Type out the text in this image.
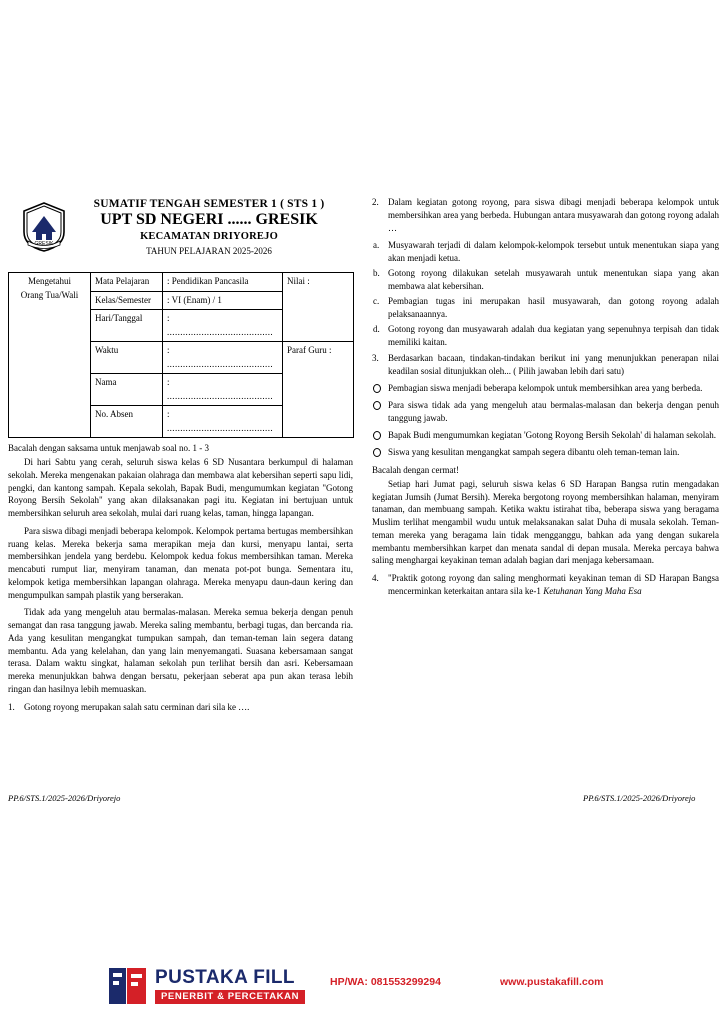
GRESIK
SUMATIF TENGAH SEMESTER 1 ( STS 1 )
UPT SD NEGERI ...... GRESIK
KECAMATAN DRIYOREJO
TAHUN PELAJARAN 2025-2026
Mengetahui
Orang Tua/Wali	Mata Pelajaran	: Pendidikan Pancasila	Nilai :
	Kelas/Semester	: VI (Enam) / 1	
	Hari/Tanggal	: ........................................	
	Waktu	: ........................................	Paraf Guru :
	Nama	: ........................................	
	No. Absen	: ........................................	
Bacalah dengan saksama untuk menjawab soal no. 1 - 3

Di hari Sabtu yang cerah, seluruh siswa kelas 6 SD Nusantara berkumpul di halaman sekolah. Mereka mengenakan pakaian olahraga dan membawa alat kebersihan seperti sapu lidi, pengki, dan kantong sampah. Kepala sekolah, Bapak Budi, mengumumkan kegiatan "Gotong Royong Bersih Sekolah" yang akan dilaksanakan pagi itu. Kegiatan ini bertujuan untuk membersihkan seluruh area sekolah, mulai dari ruang kelas, taman, hingga lapangan.

Para siswa dibagi menjadi beberapa kelompok. Kelompok pertama bertugas membersihkan ruang kelas. Mereka bekerja sama merapikan meja dan kursi, menyapu lantai, serta membersihkan jendela yang berdebu. Kelompok kedua fokus membersihkan taman. Mereka mencabuti rumput liar, menyiram tanaman, dan menata pot-pot bunga. Sementara itu, kelompok ketiga membersihkan lapangan olahraga. Mereka menyapu daun-daun kering dan mengumpulkan sampah plastik yang berserakan.

Tidak ada yang mengeluh atau bermalas-malasan. Mereka semua bekerja dengan penuh semangat dan rasa tanggung jawab. Mereka saling membantu, berbagi tugas, dan bercanda ria. Ada yang kesulitan mengangkat tumpukan sampah, dan teman-teman lain segera datang membantu. Ada yang kelelahan, dan yang lain menyemangati. Suasana kebersamaan sangat terasa. Dalam waktu singkat, halaman sekolah pun terlihat bersih dan asri. Kebersamaan mereka menunjukkan bahwa dengan bersatu, pekerjaan seberat apa pun akan terasa lebih ringan dan hasilnya lebih memuaskan.

1. Gotong royong merupakan salah satu cerminan dari sila ke ….
2. Dalam kegiatan gotong royong, para siswa dibagi menjadi beberapa kelompok untuk membersihkan area yang berbeda. Hubungan antara musyawarah dan gotong royong adalah …
a. Musyawarah terjadi di dalam kelompok-kelompok tersebut untuk menentukan siapa yang akan menjadi ketua.
b. Gotong royong dilakukan setelah musyawarah untuk menentukan siapa yang akan membawa alat kebersihan.
c. Pembagian tugas ini merupakan hasil musyawarah, dan gotong royong adalah pelaksanaannya.
d. Gotong royong dan musyawarah adalah dua kegiatan yang sepenuhnya terpisah dan tidak memiliki kaitan.
3. Berdasarkan bacaan, tindakan-tindakan berikut ini yang menunjukkan penerapan nilai keadilan sosial ditunjukkan oleh... ( Pilih jawaban lebih dari satu)
Pembagian siswa menjadi beberapa kelompok untuk membersihkan area yang berbeda.
Para siswa tidak ada yang mengeluh atau bermalas-malasan dan bekerja dengan penuh tanggung jawab.
Bapak Budi mengumumkan kegiatan 'Gotong Royong Bersih Sekolah' di halaman sekolah.
Siswa yang kesulitan mengangkat sampah segera dibantu oleh teman-teman lain.
Bacalah dengan cermat!

Setiap hari Jumat pagi, seluruh siswa kelas 6 SD Harapan Bangsa rutin mengadakan kegiatan Jumsih (Jumat Bersih). Mereka bergotong royong membersihkan halaman, menyiram tanaman, dan membuang sampah. Ketika waktu istirahat tiba, beberapa siswa yang beragama Muslim terlihat mengambil wudu untuk melaksanakan salat Duha di musala sekolah. Teman-teman mereka yang beragama lain tidak mengganggu, bahkan ada yang dengan sukarela membantu membersihkan karpet dan menata sandal di depan musala. Mereka percaya bahwa saling menghargai keyakinan teman adalah bagian dari menjaga kebersamaan.

4. "Praktik gotong royong dan saling menghormati keyakinan teman di SD Harapan Bangsa mencerminkan keterkaitan antara sila ke-1 Ketuhanan Yang Maha Esa
PP.6/STS.1/2025-2026/Driyorejo	PP.6/STS.1/2025-2026/Driyorejo
PUSTAKA FILL
PENERBIT & PERCETAKAN
HP/WA: 081553299294	www.pustakafill.com
